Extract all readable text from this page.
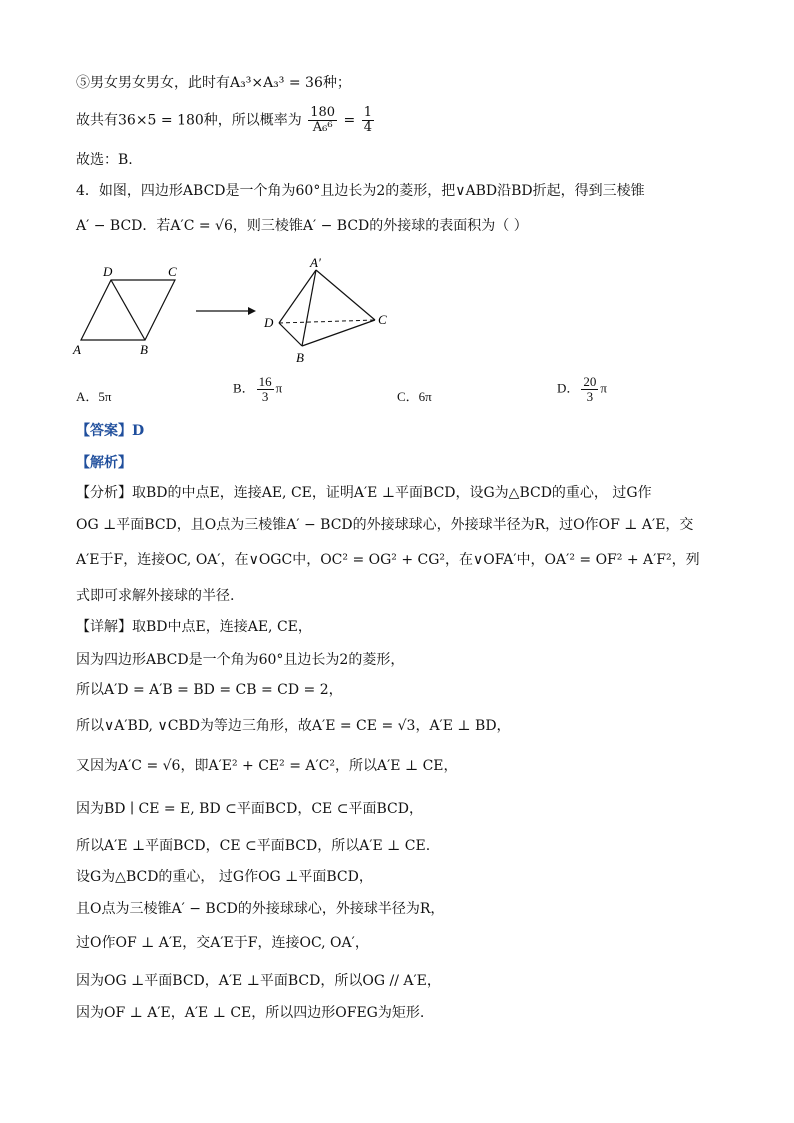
⑤男女男女男女，此时有A₃³×A₃³ = 36种；
故共有36×5 = 180种，所以概率为 $\frac{180}{\text{A₆⁶}} = \frac{1}{4}$
故选：B.
4．如图，四边形ABCD是一个角为60°且边长为2的菱形，把∨ABD沿BD折起，得到三棱锥
A′ − BCD．若A′C = √6，则三棱锥A′ − BCD的外接球的表面积为（ ）
D	C
A	B
A′
D	C
B
A．5π
B． $\frac{16}{3}$ π
C．6π
D． $\frac{20}{3}$ π
【答案】D
【解析】
【分析】取BD的中点E，连接AE, CE，证明A′E ⊥平面BCD，设G为△BCD的重心， 过G作
OG ⊥平面BCD，且O点为三棱锥A′ − BCD的外接球球心，外接球半径为R，过O作OF ⊥ A′E，交
A′E于F，连接OC, OA′，在∨OGC中，OC² = OG² + CG²，在∨OFA′中，OA′² = OF² + A′F²，列
式即可求解外接球的半径.
【详解】取BD中点E，连接AE, CE，
因为四边形ABCD是一个角为60°且边长为2的菱形，
所以A′D = A′B = BD = CB = CD = 2，
所以∨A′BD, ∨CBD为等边三角形，故A′E = CE = √3，A′E ⊥ BD，
又因为A′C = √6，即A′E² + CE² = A′C²，所以A′E ⊥ CE，
因为BD ∣ CE = E, BD ⊂平面BCD，CE ⊂平面BCD，
所以A′E ⊥平面BCD，CE ⊂平面BCD，所以A′E ⊥ CE.
设G为△BCD的重心， 过G作OG ⊥平面BCD，
且O点为三棱锥A′ − BCD的外接球球心，外接球半径为R，
过O作OF ⊥ A′E，交A′E于F，连接OC, OA′，
因为OG ⊥平面BCD，A′E ⊥平面BCD，所以OG // A′E，
因为OF ⊥ A′E，A′E ⊥ CE，所以四边形OFEG为矩形.
